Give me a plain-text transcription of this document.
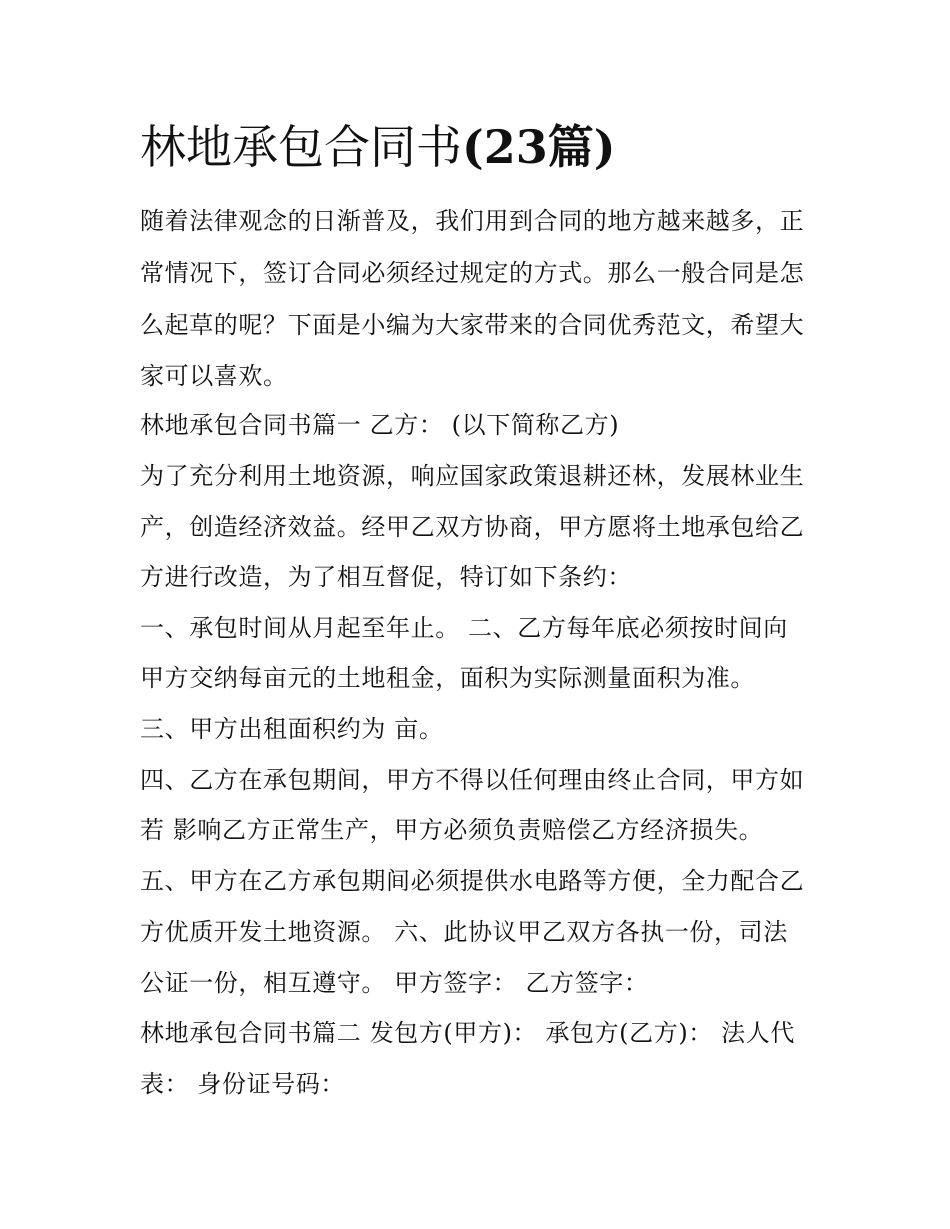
林地承包合同书(23篇)

随着法律观念的日渐普及，我们用到合同的地方越来越多，正

常情况下，签订合同必须经过规定的方式。那么一般合同是怎

么起草的呢？下面是小编为大家带来的合同优秀范文，希望大

家可以喜欢。

林地承包合同书篇一 乙方： (以下简称乙方)

为了充分利用土地资源，响应国家政策退耕还林，发展林业生

产，创造经济效益。经甲乙双方协商，甲方愿将土地承包给乙

方进行改造，为了相互督促，特订如下条约：

一、承包时间从月起至年止。 二、乙方每年底必须按时间向

甲方交纳每亩元的土地租金，面积为实际测量面积为准。

三、甲方出租面积约为 亩。

四、乙方在承包期间，甲方不得以任何理由终止合同，甲方如

若 影响乙方正常生产，甲方必须负责赔偿乙方经济损失。

五、甲方在乙方承包期间必须提供水电路等方便，全力配合乙

方优质开发土地资源。 六、此协议甲乙双方各执一份，司法

公证一份，相互遵守。 甲方签字： 乙方签字：

林地承包合同书篇二 发包方(甲方)： 承包方(乙方)： 法人代

表： 身份证号码：
